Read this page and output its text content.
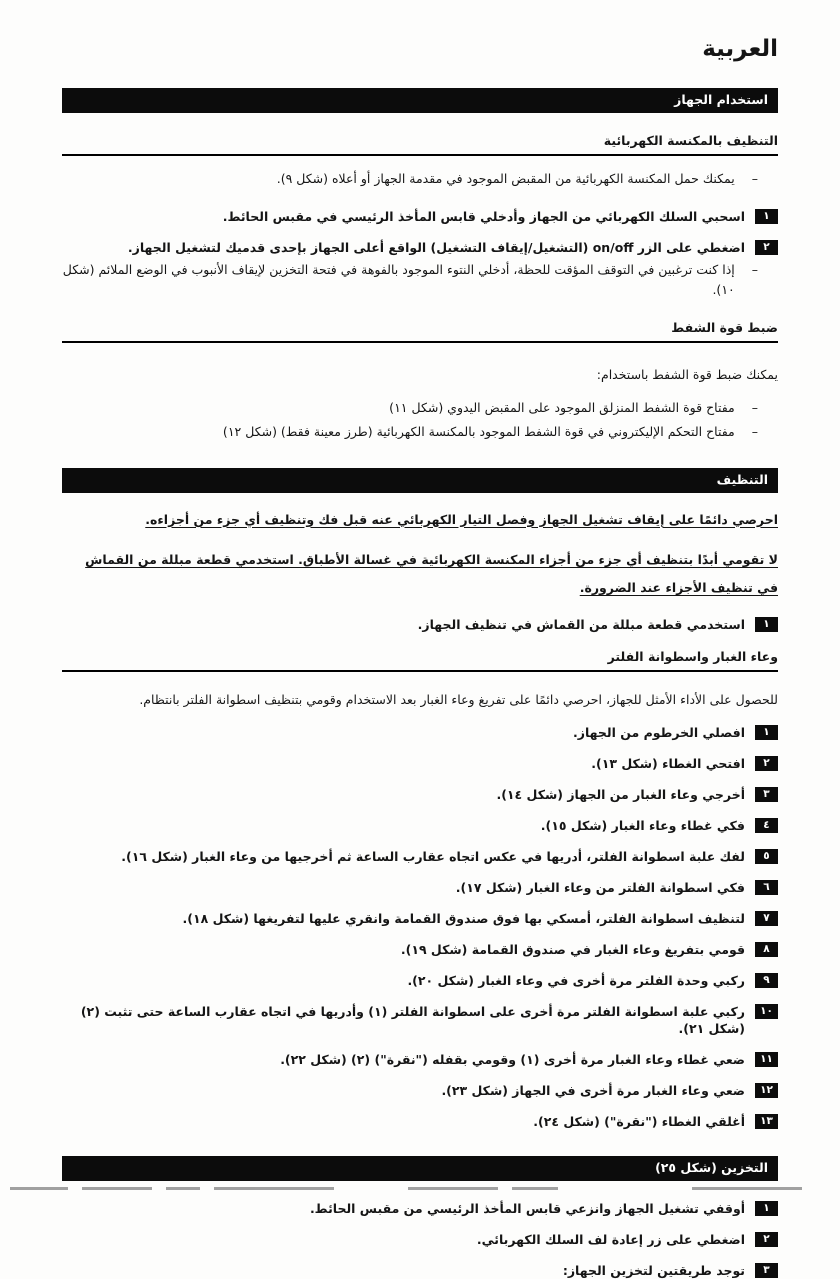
العربية
استخدام الجهاز
التنظيف بالمكنسة الكهربائية
–
يمكنك حمل المكنسة الكهربائية من المقبض الموجود في مقدمة الجهاز أو أعلاه (شكل ٩).
١
اسحبي السلك الكهربائي من الجهاز وأدخلي قابس المأخذ الرئيسي في مقبس الحائط.
٢
اضغطي على الزر on/off (التشغيل/إيقاف التشغيل) الواقع أعلى الجهاز بإحدى قدميك لتشغيل الجهاز.
–
إذا كنت ترغبين في التوقف المؤقت للحظة، أدخلي النتوء الموجود بالفوهة في فتحة التخزين لإيقاف الأنبوب في الوضع الملائم (شكل ١٠).
ضبط قوة الشفط

يمكنك ضبط قوة الشفط باستخدام:

–
مفتاح قوة الشفط المنزلق الموجود على المقبض اليدوي (شكل ١١)
–
مفتاح التحكم الإليكتروني في قوة الشفط الموجود بالمكنسة الكهربائية (طرز معينة فقط) (شكل ١٢)
التنظيف

احرصي دائمًا على إيقاف تشغيل الجهاز وفصل التيار الكهربائي عنه قبل فك وتنظيف أي جزء من أجزاءه.

لا تقومي أبدًا بتنظيف أي جزء من أجزاء المكنسة الكهربائية في غسالة الأطباق. استخدمي قطعة مبللة من القماش في تنظيف الأجزاء عند الضرورة.

١
استخدمي قطعة مبللة من القماش في تنظيف الجهاز.
وعاء الغبار واسطوانة الفلتر

للحصول على الأداء الأمثل للجهاز، احرصي دائمًا على تفريغ وعاء الغبار بعد الاستخدام وقومي بتنظيف اسطوانة الفلتر بانتظام.

١
افصلي الخرطوم من الجهاز.
٢
افتحي الغطاء (شكل ١٣).
٣
أخرجي وعاء الغبار من الجهاز (شكل ١٤).
٤
فكي غطاء وعاء الغبار (شكل ١٥).
٥
لفك علبة اسطوانة الفلتر، أدريها في عكس اتجاه عقارب الساعة ثم أخرجيها من وعاء الغبار (شكل ١٦).
٦
فكي اسطوانة الفلتر من وعاء الغبار (شكل ١٧).
٧
لتنظيف اسطوانة الفلتر، أمسكي بها فوق صندوق القمامة وانقري عليها لتفريغها (شكل ١٨).
٨
قومي بتفريغ وعاء الغبار في صندوق القمامة (شكل ١٩).
٩
ركبي وحدة الفلتر مرة أخرى في وعاء الغبار (شكل ٢٠).
١٠
ركبي علبة اسطوانة الفلتر مرة أخرى على اسطوانة الفلتر (١) وأدريها في اتجاه عقارب الساعة حتى تثبت (٢) (شكل ٢١).
١١
ضعي غطاء وعاء الغبار مرة أخرى (١) وقومي بقفله ("نقرة") (٢) (شكل ٢٢).
١٢
ضعي وعاء الغبار مرة أخرى في الجهاز (شكل ٢٣).
١٣
أغلقي الغطاء ("نقرة") (شكل ٢٤).
التخزين (شكل ٢٥)
١
أوقفي تشغيل الجهاز وانزعي قابس المأخذ الرئيسي من مقبس الحائط.
٢
اضغطي على زر إعادة لف السلك الكهربائي.
٣
توجد طريقتين لتخزين الجهاز:
